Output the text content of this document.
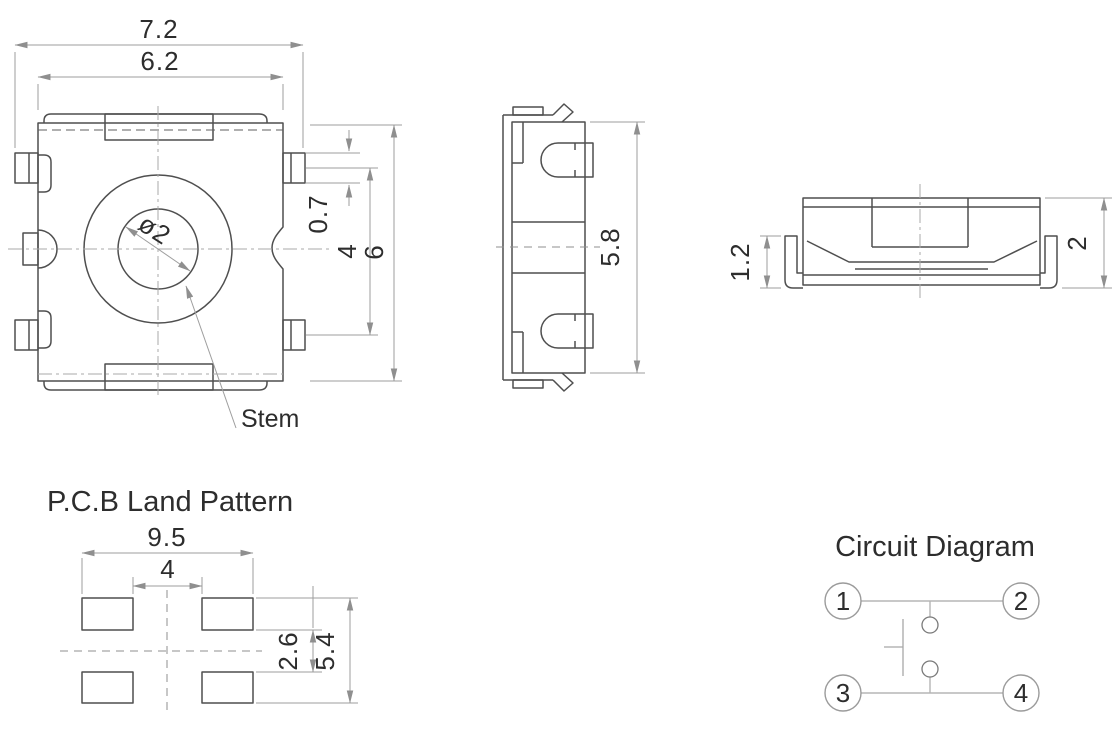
7.2
6.2
ø2	0.7
4
6
Stem
5.8	1.2	2
P.C.B Land Pattern
9.5
4
2.6 5.4
Circuit Diagram
1	2
3	4
